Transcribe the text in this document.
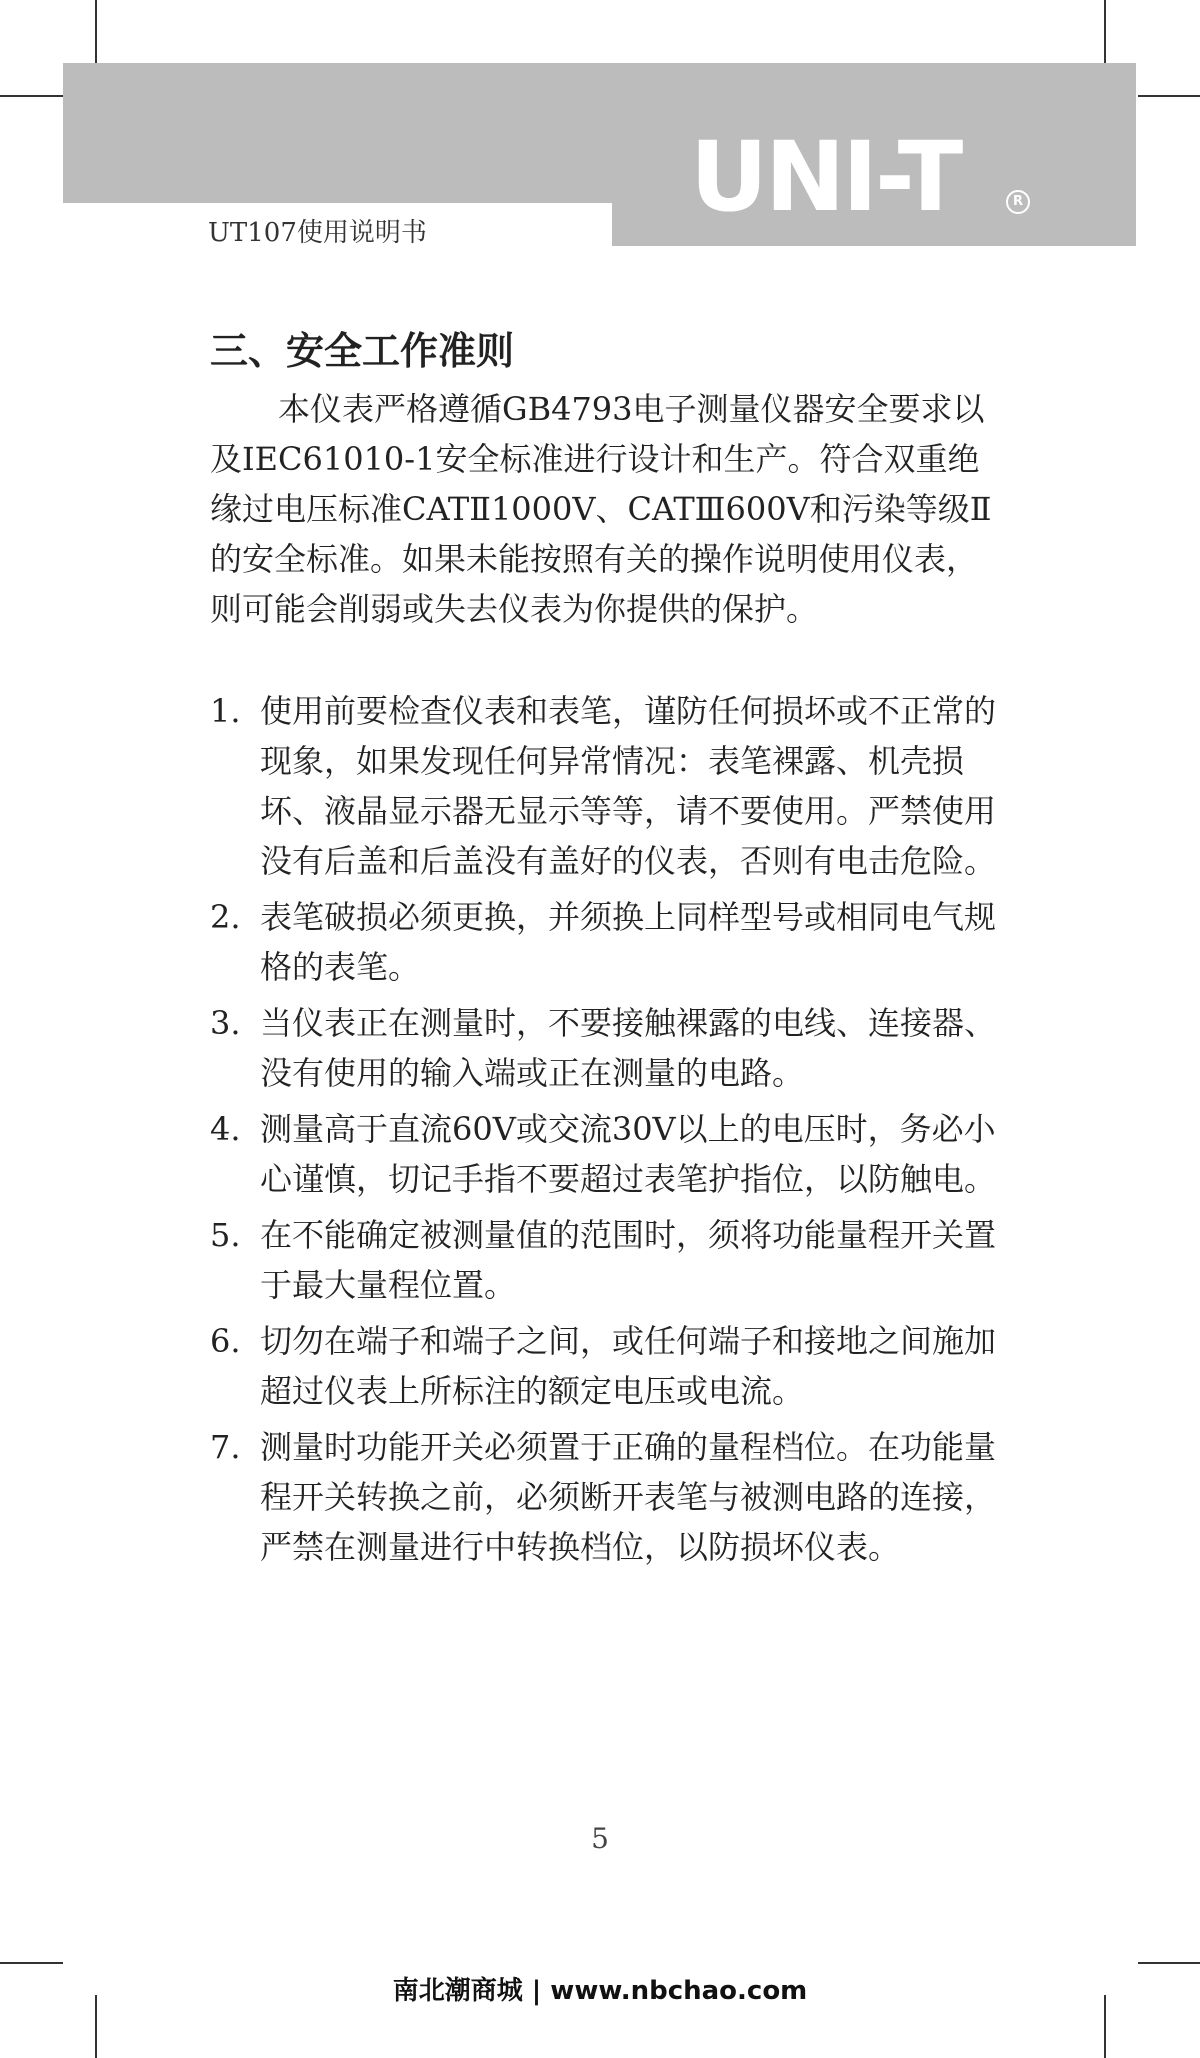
UNI-T	R
UT107使用说明书
三、安全工作准则

本仪表严格遵循GB4793电子测量仪器安全要求以及IEC61010-1安全标准进行设计和生产。符合双重绝缘过电压标准CATⅡ1000V、CATⅢ600V和污染等级Ⅱ的安全标准。如果未能按照有关的操作说明使用仪表，则可能会削弱或失去仪表为你提供的保护。

1. 使用前要检查仪表和表笔，谨防任何损坏或不正常的现象，如果发现任何异常情况：表笔裸露、机壳损坏、液晶显示器无显示等等，请不要使用。严禁使用没有后盖和后盖没有盖好的仪表，否则有电击危险。
2. 表笔破损必须更换，并须换上同样型号或相同电气规格的表笔。
3. 当仪表正在测量时，不要接触裸露的电线、连接器、没有使用的输入端或正在测量的电路。
4. 测量高于直流60V或交流30V以上的电压时，务必小心谨慎，切记手指不要超过表笔护指位，以防触电。
5. 在不能确定被测量值的范围时，须将功能量程开关置于最大量程位置。
6. 切勿在端子和端子之间，或任何端子和接地之间施加超过仪表上所标注的额定电压或电流。
7. 测量时功能开关必须置于正确的量程档位。在功能量程开关转换之前，必须断开表笔与被测电路的连接，严禁在测量进行中转换档位，以防损坏仪表。
5
南北潮商城 | www.nbchao.com
